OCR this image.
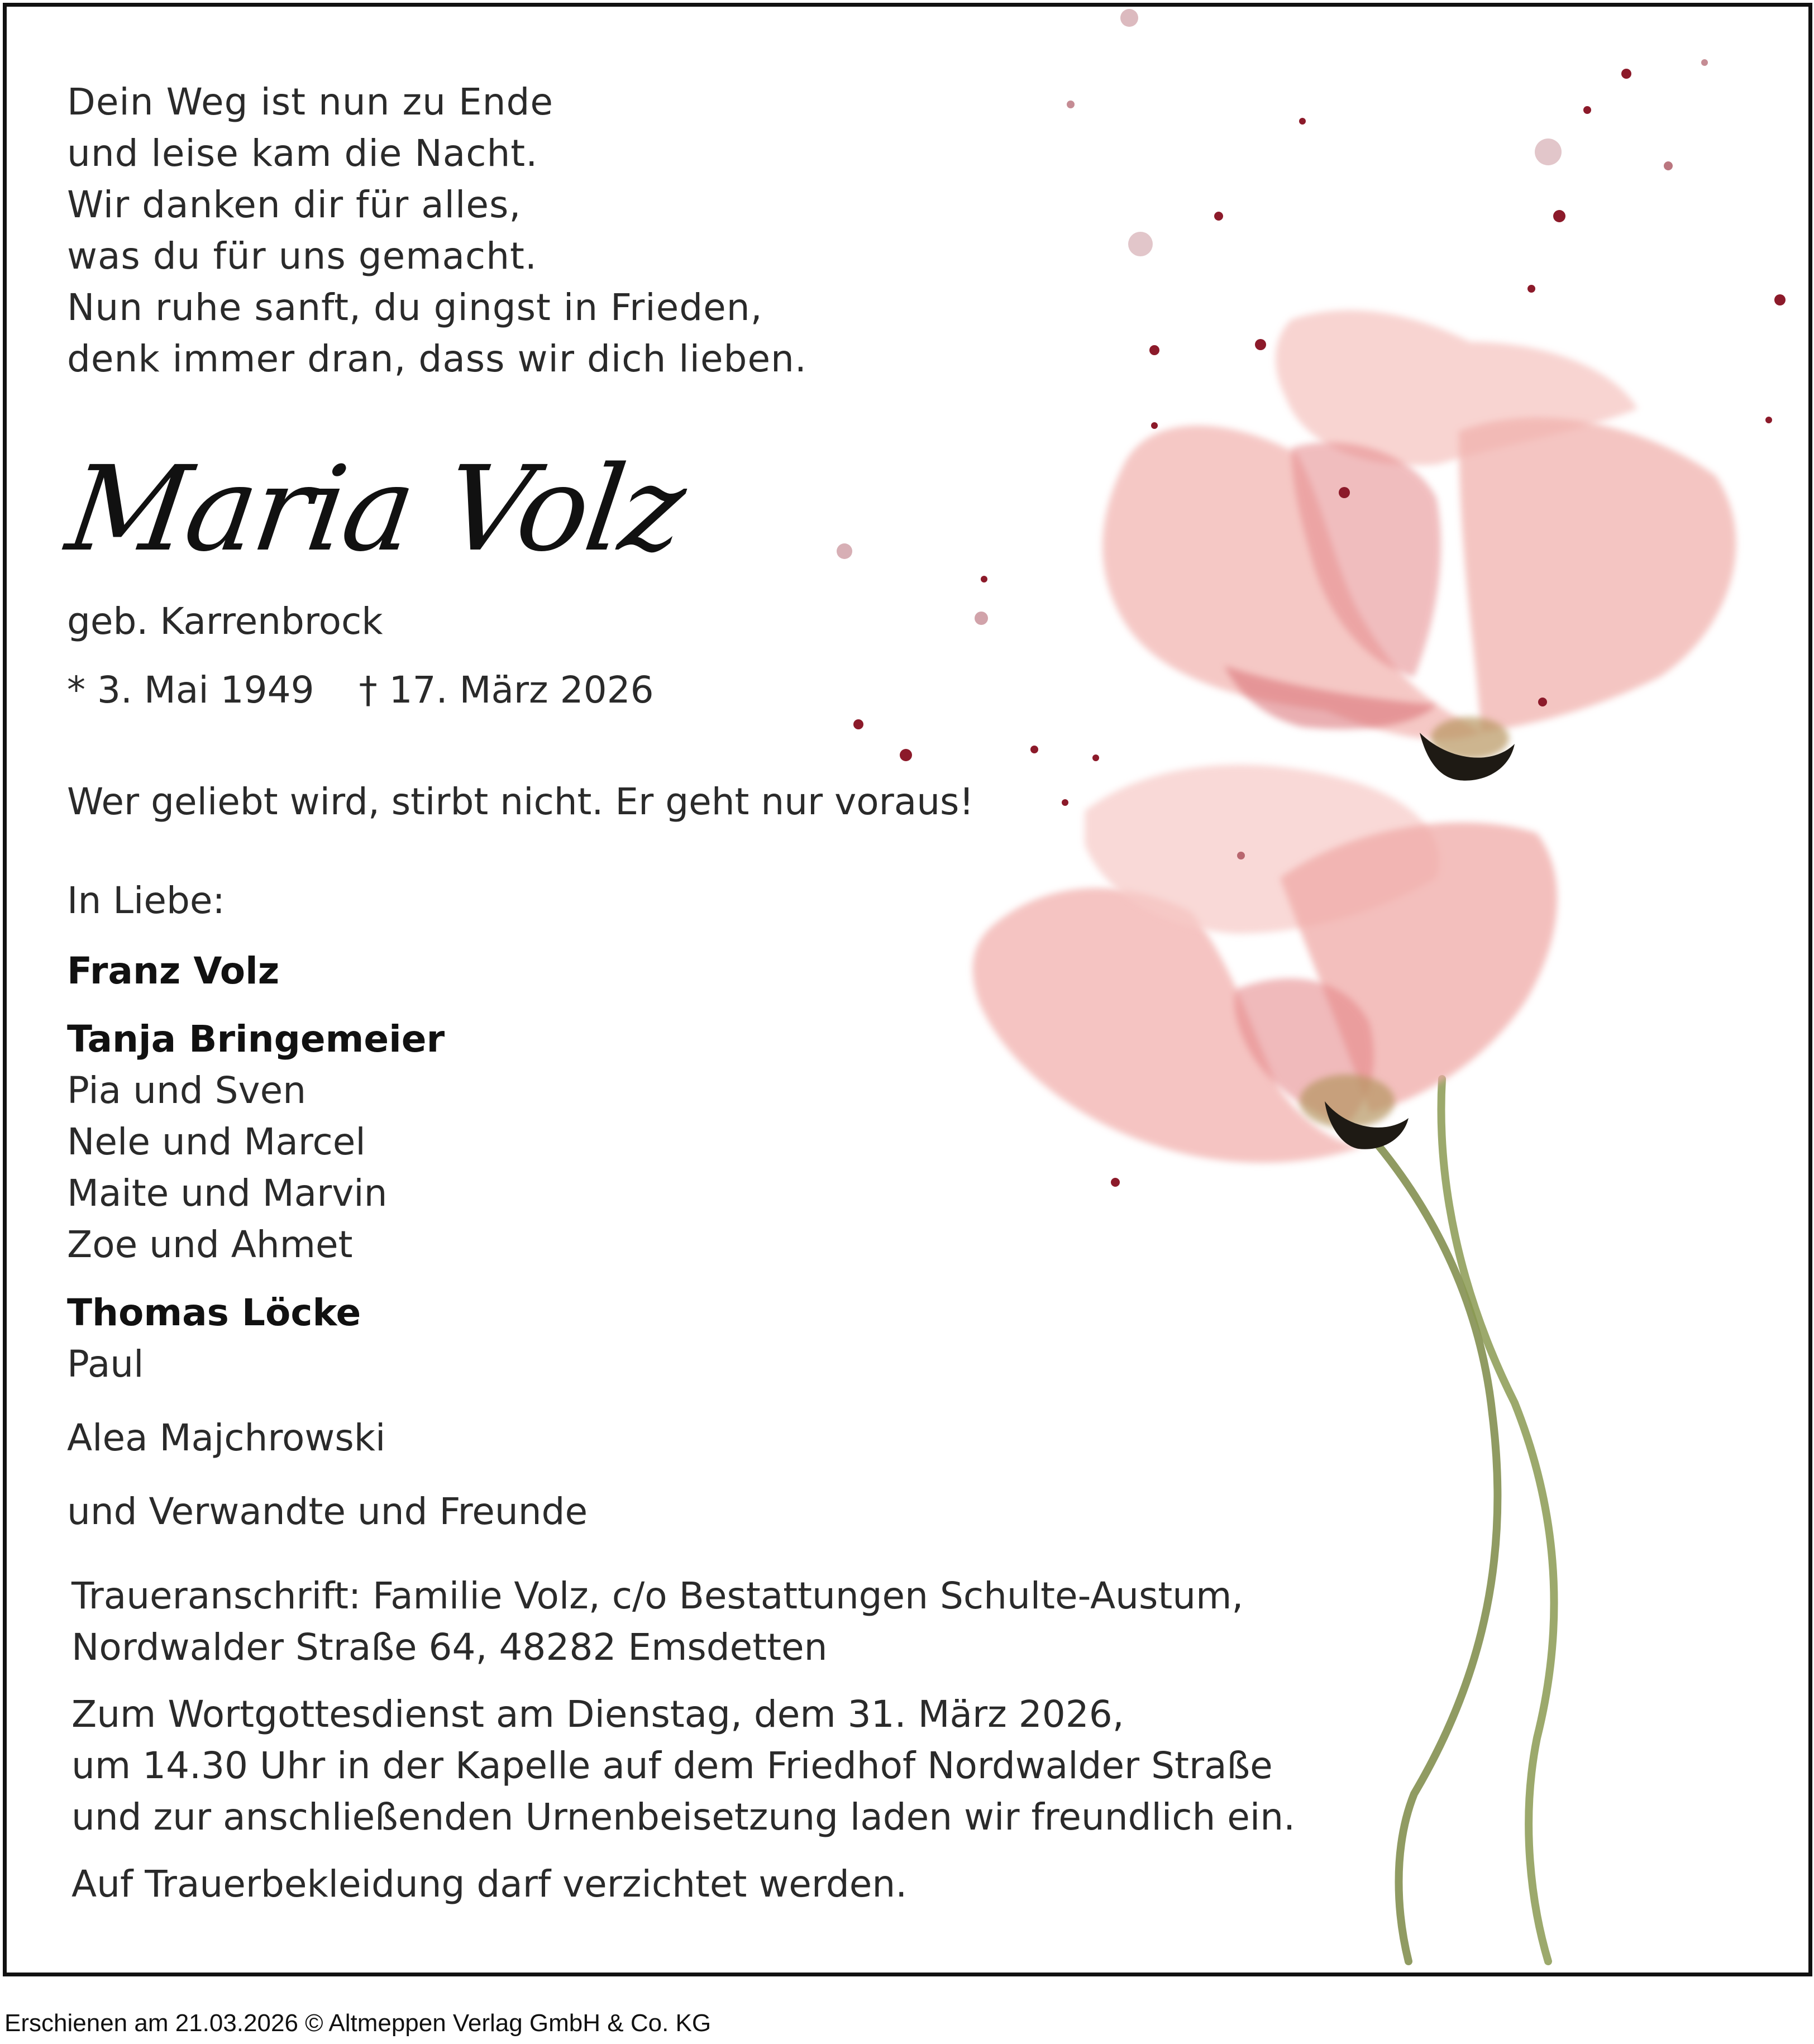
Dein Weg ist nun zu Ende
und leise kam die Nacht.
Wir danken dir für alles,
was du für uns gemacht.
Nun ruhe sanft, du gingst in Frieden,
denk immer dran, dass wir dich lieben.
Maria Volz
geb. Karrenbrock
* 3. Mai 1949 † 17. März 2026
Wer geliebt wird, stirbt nicht. Er geht nur voraus!
In Liebe:
Franz Volz
Tanja Bringemeier
Pia und Sven
Nele und Marcel
Maite und Marvin
Zoe und Ahmet
Thomas Löcke
Paul
Alea Majchrowski
und Verwandte und Freunde

Traueranschrift: Familie Volz, c/o Bestattungen Schulte-Austum,

Nordwalder Straße 64, 48282 Emsdetten

Zum Wortgottesdienst am Dienstag, dem 31. März 2026,

um 14.30 Uhr in der Kapelle auf dem Friedhof Nordwalder Straße

und zur anschließenden Urnenbeisetzung laden wir freundlich ein.

Auf Trauerbekleidung darf verzichtet werden.

Erschienen am 21.03.2026 © Altmeppen Verlag GmbH & Co. KG
